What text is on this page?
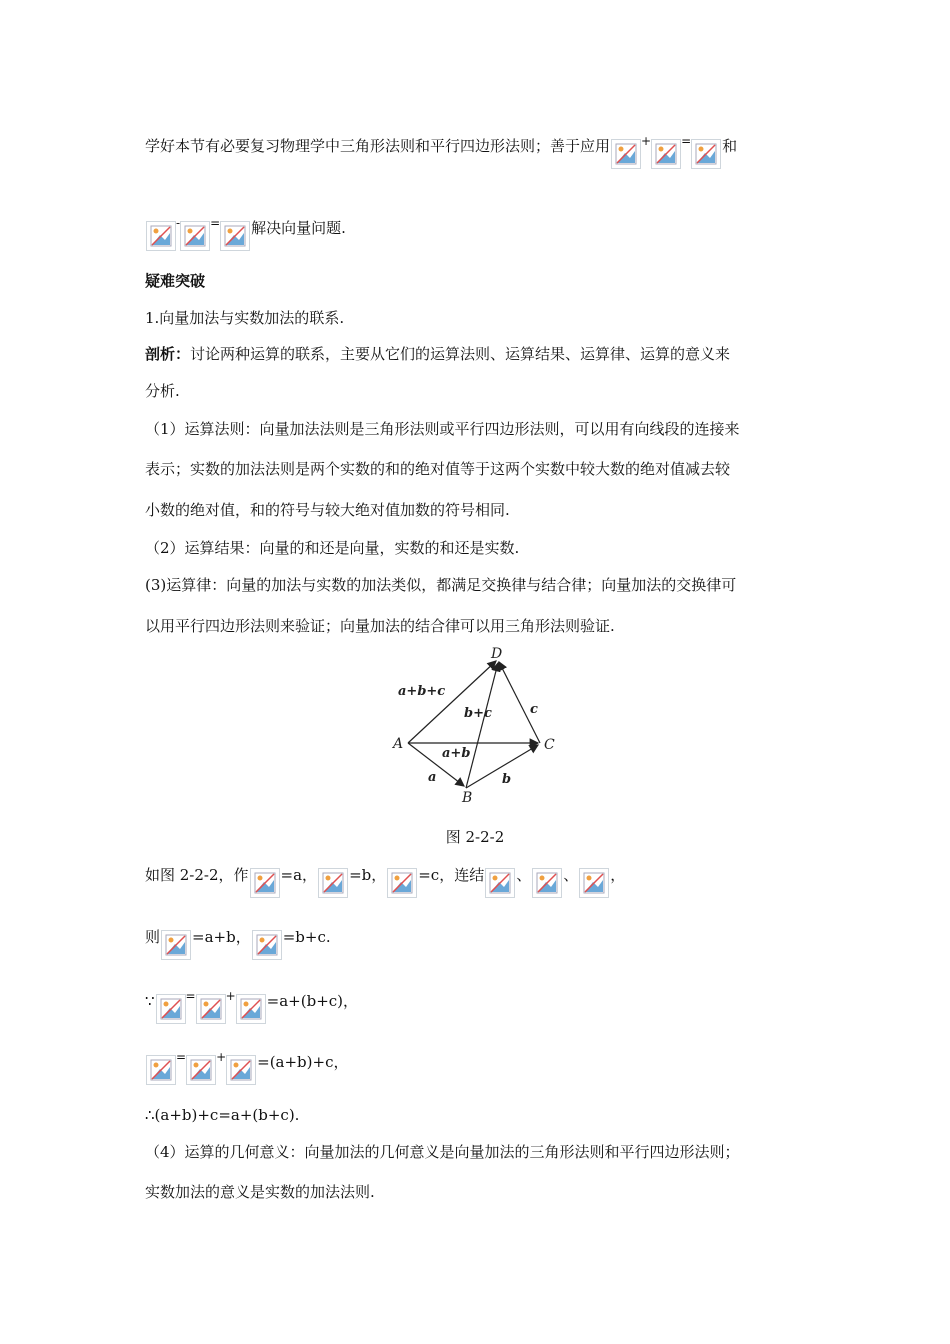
学好本节有必要复习物理学中三角形法则和平行四边形法则；善于应用	+	= 和
-	= 解决向量问题.
疑难突破
1.向量加法与实数加法的联系.
剖析：讨论两种运算的联系，主要从它们的运算法则、运算结果、运算律、运算的意义来
分析.
（1）运算法则：向量加法法则是三角形法则或平行四边形法则，可以用有向线段的连接来
表示；实数的加法法则是两个实数的和的绝对值等于这两个实数中较大数的绝对值减去较
小数的绝对值，和的符号与较大绝对值加数的符号相同.
（2）运算结果：向量的和还是向量，实数的和还是实数.
(3)运算律：向量的加法与实数的加法类似，都满足交换律与结合律；向量加法的交换律可
以用平行四边形法则来验证；向量加法的结合律可以用三角形法则验证.
A
B
C
D
a+b+c
b+c	c
a+b
a	b
图 2-2-2
如图 2-2-2，作 =a， =b， =c，连结 、 、 ，
则 =a+b， =b+c.
∵	=	+ =a+(b+c)，
=	+ =(a+b)+c，
∴(a+b)+c=a+(b+c).
（4）运算的几何意义：向量加法的几何意义是向量加法的三角形法则和平行四边形法则；
实数加法的意义是实数的加法法则.
